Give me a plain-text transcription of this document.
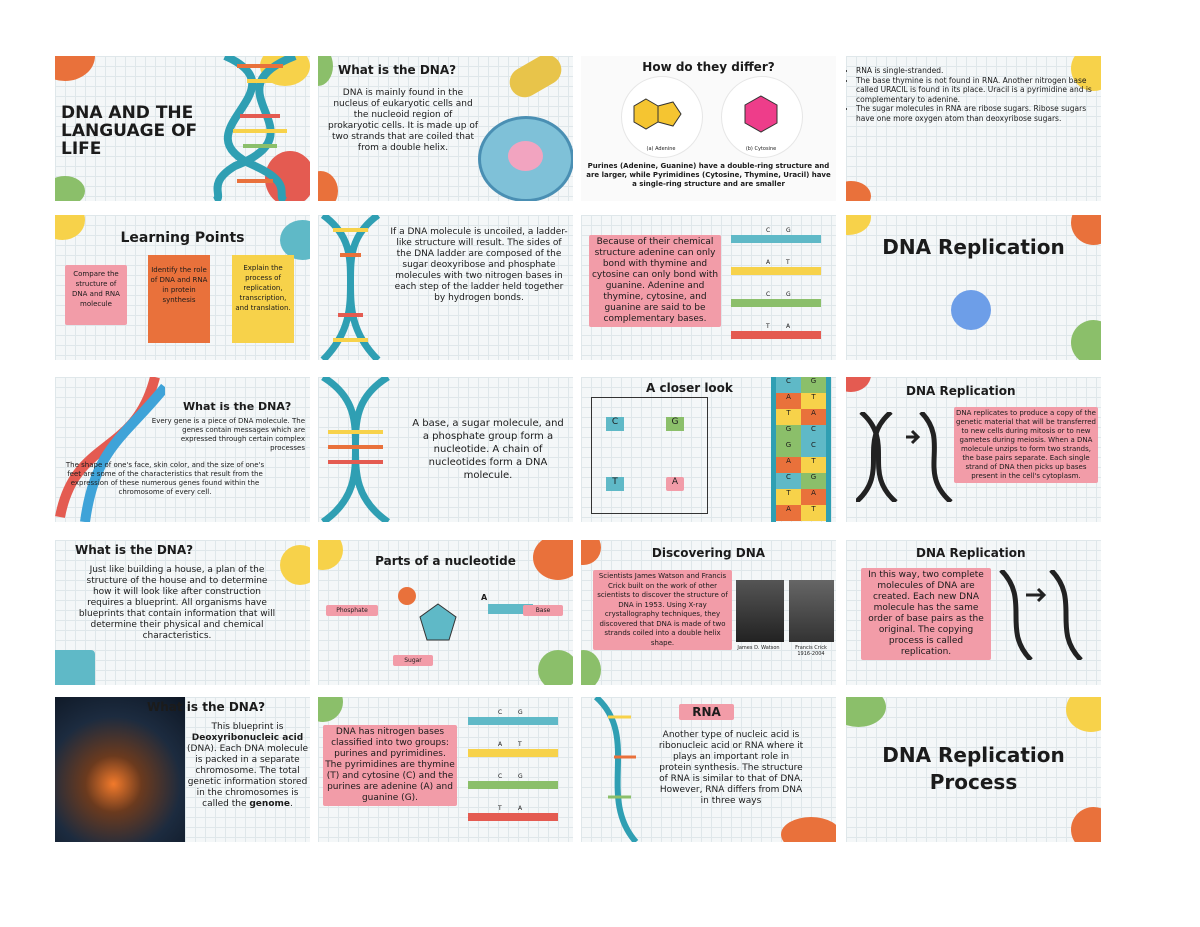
DNA AND THE LANGUAGE OF LIFE
What is the DNA?
DNA is mainly found in the nucleus of eukaryotic cells and the nucleoid region of prokaryotic cells. It is made up of two strands that are coiled that from a double helix.
How do they differ?
(a) Adenine	(b) Cytosine
Purines (Adenine, Guanine) have a double-ring structure and are larger, while Pyrimidines (Cytosine, Thymine, Uracil) have a single-ring structure and are smaller
• RNA is single-stranded.
• The base thymine is not found in RNA. Another nitrogen base called URACIL is found in its place. Uracil is a pyrimidine and is complementary to adenine.
• The sugar molecules in RNA are ribose sugars. Ribose sugars have one more oxygen atom than deoxyribose sugars.
Learning Points
Compare the structure of DNA and RNA molecule
Identify the role of DNA and RNA in protein synthesis
Explain the process of replication, transcription, and translation.
If a DNA molecule is uncoiled, a ladder-like structure will result. The sides of the DNA ladder are composed of the sugar deoxyribose and phosphate molecules with two nitrogen bases in each step of the ladder held together by hydrogen bonds.
Because of their chemical structure adenine can only bond with thymine and cytosine can only bond with guanine. Adenine and thymine, cytosine, and guanine are said to be complementary bases.
C	G
A	T
C	G
T	A
DNA Replication
What is the DNA?
Every gene is a piece of DNA molecule. The genes contain messages which are expressed through certain complex processes
The shape of one's face, skin color, and the size of one's feet are some of the characteristics that result from the expression of these numerous genes found within the chromosome of every cell.
A base, a sugar molecule, and a phosphate group form a nucleotide. A chain of nucleotides form a DNA molecule.
A closer look
C	G
T	A
C	G
A	T
T	A
G	C
G	C
A	T
C	G
T	A
A	T
DNA Replication
DNA replicates to produce a copy of the genetic material that will be transferred to new cells during mitosis or to new gametes during meiosis. When a DNA molecule unzips to form two strands, the base pairs separate. Each single strand of DNA then picks up bases present in the cell's cytoplasm.
What is the DNA?
Just like building a house, a plan of the structure of the house and to determine how it will look like after construction requires a blueprint. All organisms have blueprints that contain information that will determine their physical and chemical characteristics.
Parts of a nucleotide
A
Phosphate	Base
Sugar
Discovering DNA
Scientists James Watson and Francis Crick built on the work of other scientists to discover the structure of DNA in 1953. Using X-ray crystallography techniques, they discovered that DNA is made of two strands coiled into a double helix shape.
James D. Watson	Francis Crick 1916-2004
DNA Replication
In this way, two complete molecules of DNA are created. Each new DNA molecule has the same order of base pairs as the original. The copying process is called replication.
What is the DNA?
This blueprint is Deoxyribonucleic acid (DNA). Each DNA molecule is packed in a separate chromosome. The total genetic information stored in the chromosomes is called the genome.
DNA has nitrogen bases classified into two groups: purines and pyrimidines. The pyrimidines are thymine (T) and cytosine (C) and the purines are adenine (A) and guanine (G).
C	G
A	T
C	G
T	A
RNA
Another type of nucleic acid is ribonucleic acid or RNA where it plays an important role in protein synthesis. The structure of RNA is similar to that of DNA. However, RNA differs from DNA in three ways
DNA Replication Process
